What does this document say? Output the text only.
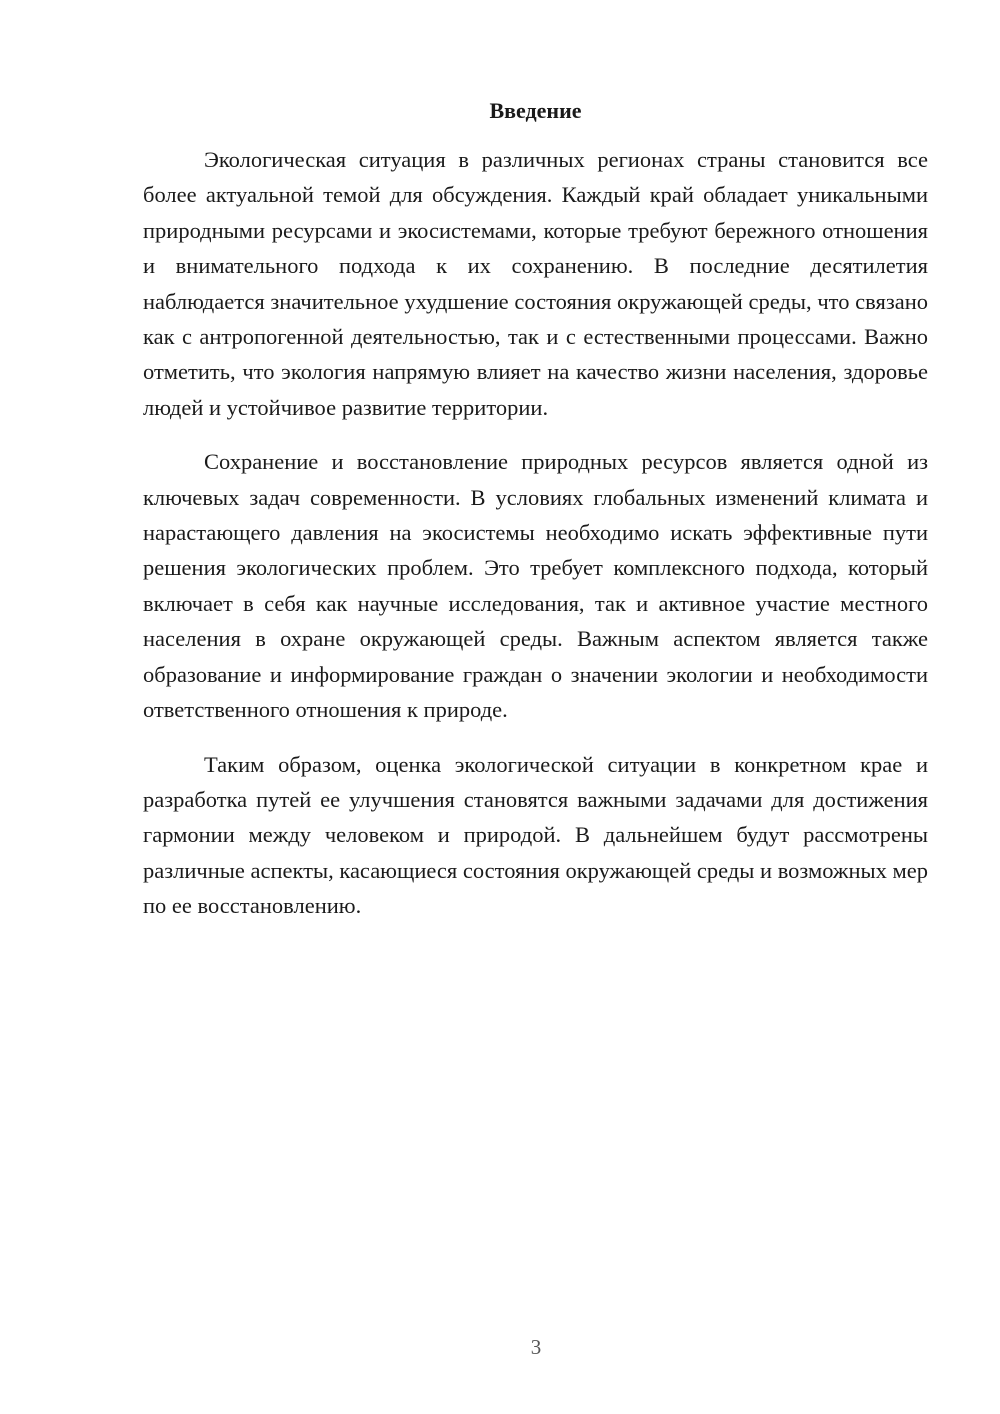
Введение

Экологическая ситуация в различных регионах страны становится все более актуальной темой для обсуждения. Каждый край обладает уникальными природными ресурсами и экосистемами, которые требуют бережного отношения и внимательного подхода к их сохранению. В последние десятилетия наблюдается значительное ухудшение состояния окружающей среды, что связано как с антропогенной деятельностью, так и с естественными процессами. Важно отметить, что экология напрямую влияет на качество жизни населения, здоровье людей и устойчивое развитие территории.

Сохранение и восстановление природных ресурсов является одной из ключевых задач современности. В условиях глобальных изменений климата и нарастающего давления на экосистемы необходимо искать эффективные пути решения экологических проблем. Это требует комплексного подхода, который включает в себя как научные исследования, так и активное участие местного населения в охране окружающей среды. Важным аспектом является также образование и информирование граждан о значении экологии и необходимости ответственного отношения к природе.

Таким образом, оценка экологической ситуации в конкретном крае и разработка путей ее улучшения становятся важными задачами для достижения гармонии между человеком и природой. В дальнейшем будут рассмотрены различные аспекты, касающиеся состояния окружающей среды и возможных мер по ее восстановлению.

3
